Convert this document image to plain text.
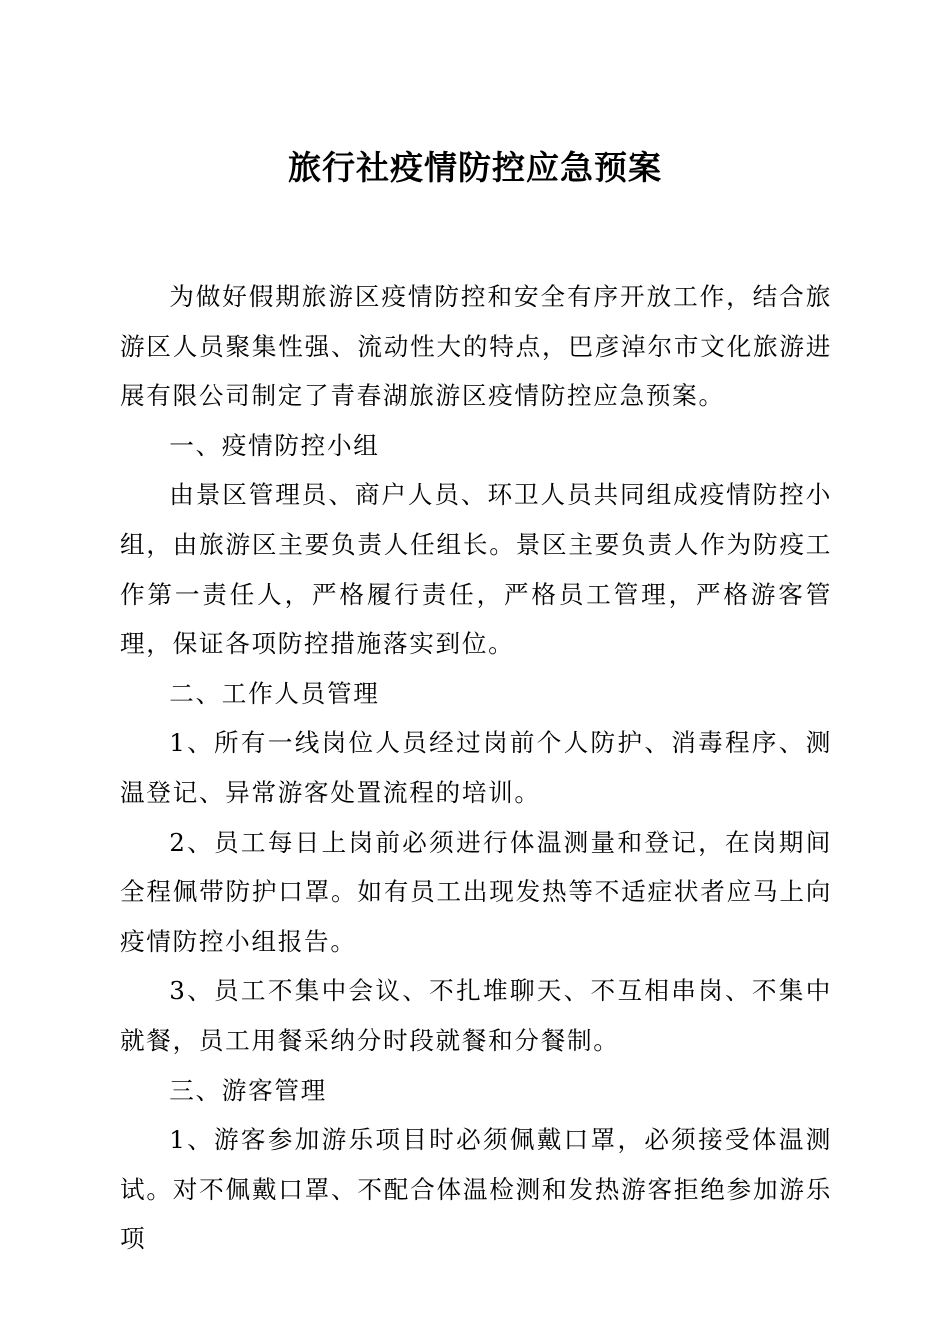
旅行社疫情防控应急预案

为做好假期旅游区疫情防控和安全有序开放工作，结合旅游区人员聚集性强、流动性大的特点，巴彦淖尔市文化旅游进展有限公司制定了青春湖旅游区疫情防控应急预案。

一、疫情防控小组

由景区管理员、商户人员、环卫人员共同组成疫情防控小组，由旅游区主要负责人任组长。景区主要负责人作为防疫工作第一责任人，严格履行责任，严格员工管理，严格游客管理，保证各项防控措施落实到位。

二、工作人员管理

1、所有一线岗位人员经过岗前个人防护、消毒程序、测温登记、异常游客处置流程的培训。

2、员工每日上岗前必须进行体温测量和登记，在岗期间全程佩带防护口罩。如有员工出现发热等不适症状者应马上向疫情防控小组报告。

3、员工不集中会议、不扎堆聊天、不互相串岗、不集中就餐，员工用餐采纳分时段就餐和分餐制。

三、游客管理

1、游客参加游乐项目时必须佩戴口罩，必须接受体温测试。对不佩戴口罩、不配合体温检测和发热游客拒绝参加游乐项
